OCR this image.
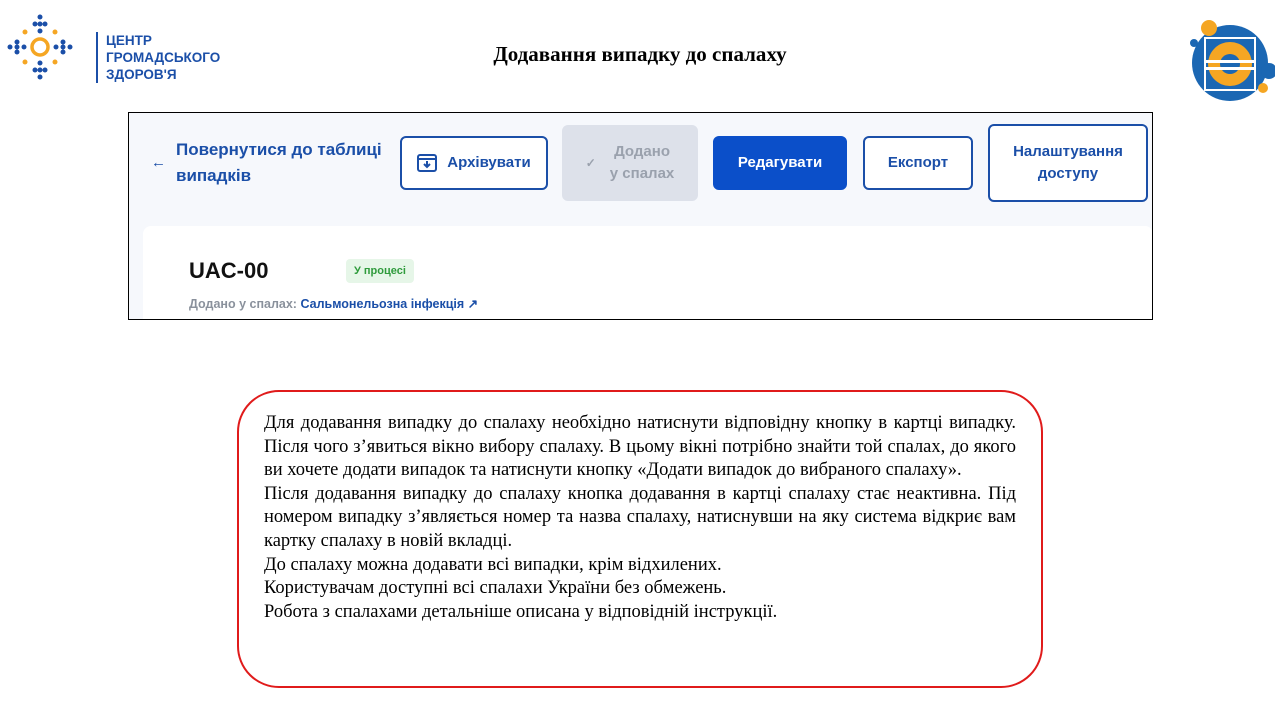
ЦЕНТР
ГРОМАДСЬКОГО
ЗДОРОВ'Я
Додавання випадку до спалаху
←
Повернутися до таблиці випадків
Архівувати	✓
Додано
у спалах
Редагувати	Експорт
Налаштування
доступу
UAC-00	У процесі
Додано у спалах: Сальмонельозна інфекція ↗

Для додавання випадку до спалаху необхідно натиснути відповідну кнопку в картці випадку. Після чого з’явиться вікно вибору спалаху. В цьому вікні потрібно знайти той спалах, до якого ви хочете додати випадок та натиснути кнопку «Додати випадок до вибраного спалаху».

Після додавання випадку до спалаху кнопка додавання в картці спалаху стає неактивна. Під номером випадку з’являється номер та назва спалаху, натиснувши на яку система відкриє вам картку спалаху в новій вкладці.

До спалаху можна додавати всі випадки, крім відхилених.

Користувачам доступні всі спалахи України без обмежень.

Робота з спалахами детальніше описана у відповідній інструкції.
